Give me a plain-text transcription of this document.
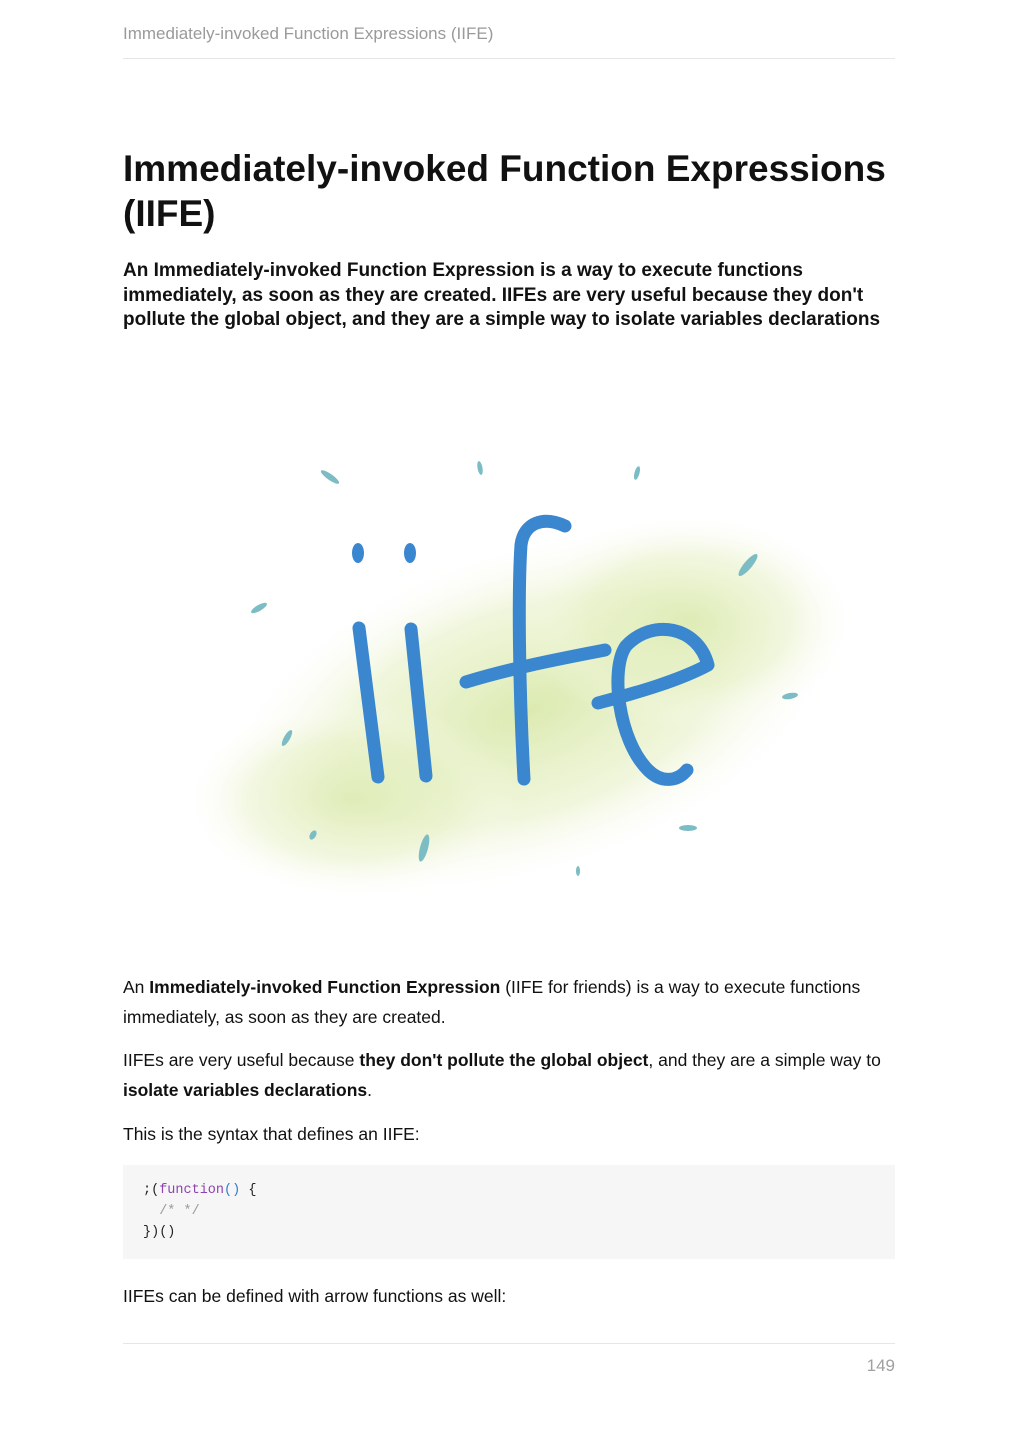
Immediately-invoked Function Expressions (IIFE)
Immediately-invoked Function Expressions (IIFE)

An Immediately-invoked Function Expression is a way to execute functions immediately, as soon as they are created. IIFEs are very useful because they don't pollute the global object, and they are a simple way to isolate variables declarations

An Immediately-invoked Function Expression (IIFE for friends) is a way to execute functions immediately, as soon as they are created.

IIFEs are very useful because they don't pollute the global object, and they are a simple way to isolate variables declarations.

This is the syntax that defines an IIFE:

;(function() {
/* */
})()

IIFEs can be defined with arrow functions as well:

149
